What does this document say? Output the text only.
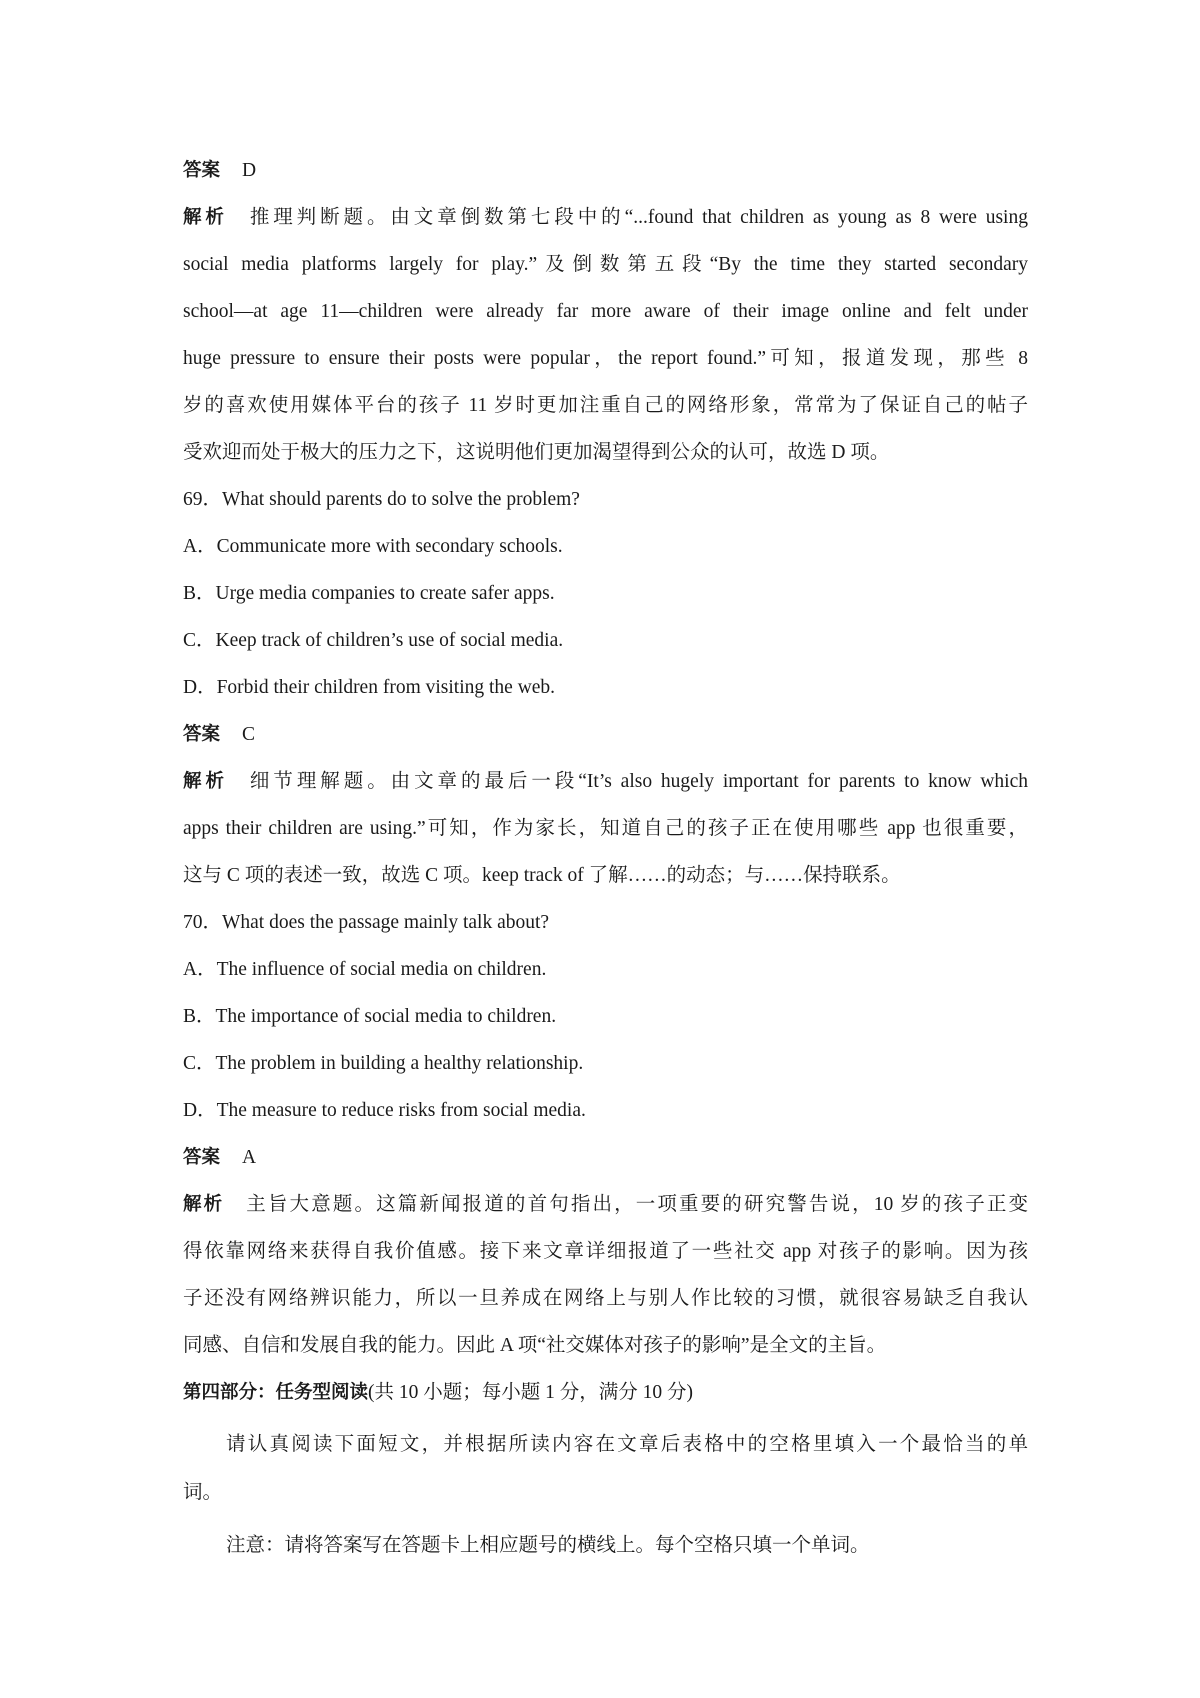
答案 D
解析 推理判断题。由文章倒数第七段中的“...found that children as young as 8 were using
social media platforms largely for play.”及倒数第五段“By the time they started secondary
school—at age 11—children were already far more aware of their image online and felt under
huge pressure to ensure their posts were popular，the report found.”可知，报道发现，那些 8
岁的喜欢使用媒体平台的孩子 11 岁时更加注重自己的网络形象，常常为了保证自己的帖子
受欢迎而处于极大的压力之下，这说明他们更加渴望得到公众的认可，故选 D 项。
69．What should parents do to solve the problem?
A．Communicate more with secondary schools.
B．Urge media companies to create safer apps.
C．Keep track of children’s use of social media.
D．Forbid their children from visiting the web.
答案 C
解析 细节理解题。由文章的最后一段“It’s also hugely important for parents to know which
apps their children are using.”可知，作为家长，知道自己的孩子正在使用哪些 app 也很重要，
这与 C 项的表述一致，故选 C 项。keep track of 了解……的动态；与……保持联系。
70．What does the passage mainly talk about?
A．The influence of social media on children.
B．The importance of social media to children.
C．The problem in building a healthy relationship.
D．The measure to reduce risks from social media.
答案 A
解析 主旨大意题。这篇新闻报道的首句指出，一项重要的研究警告说，10 岁的孩子正变
得依靠网络来获得自我价值感。接下来文章详细报道了一些社交 app 对孩子的影响。因为孩
子还没有网络辨识能力，所以一旦养成在网络上与别人作比较的习惯，就很容易缺乏自我认
同感、自信和发展自我的能力。因此 A 项“社交媒体对孩子的影响”是全文的主旨。
第四部分：任务型阅读(共 10 小题；每小题 1 分，满分 10 分)
请认真阅读下面短文，并根据所读内容在文章后表格中的空格里填入一个最恰当的单
词。
注意：请将答案写在答题卡上相应题号的横线上。每个空格只填一个单词。
